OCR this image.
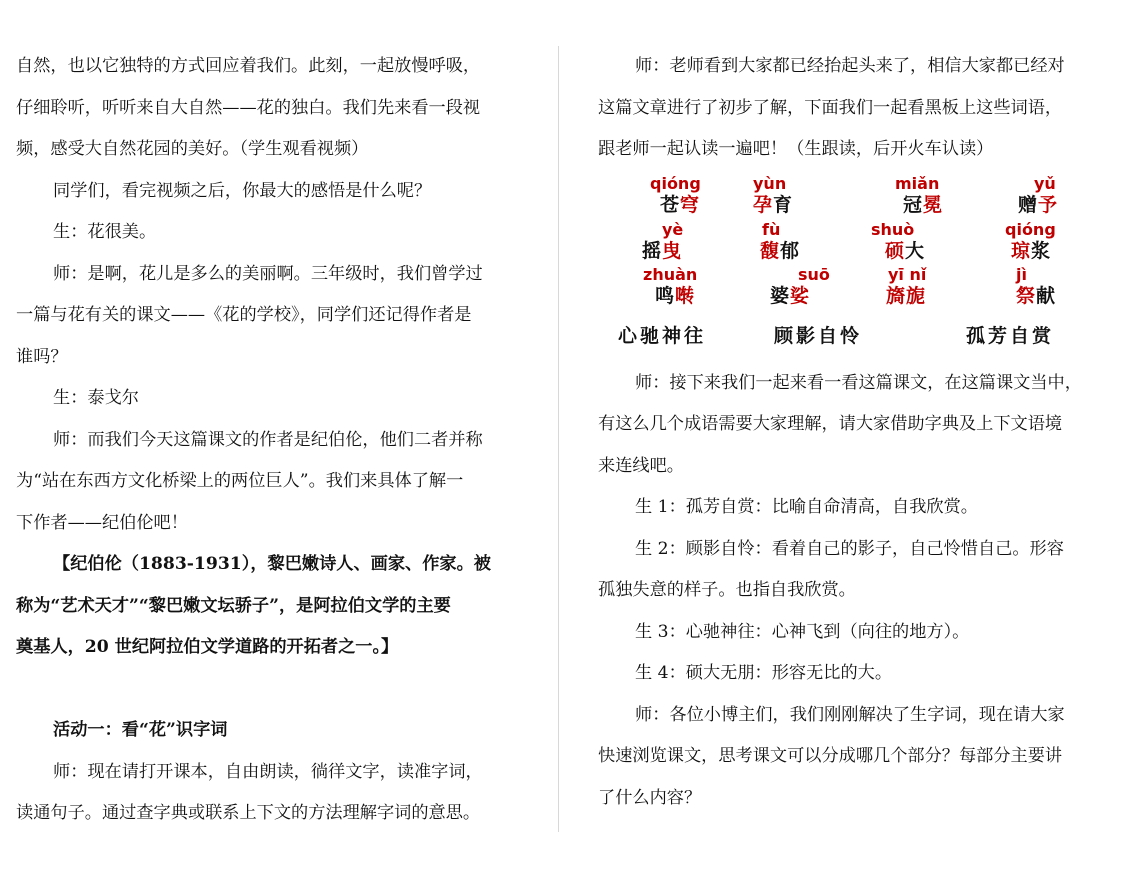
自然，也以它独特的方式回应着我们。此刻，一起放慢呼吸，

仔细聆听，听听来自大自然——花的独白。我们先来看一段视

频，感受大自然花园的美好。（学生观看视频）

同学们，看完视频之后，你最大的感悟是什么呢？

生：花很美。

师：是啊，花儿是多么的美丽啊。三年级时，我们曾学过

一篇与花有关的课文——《花的学校》，同学们还记得作者是

谁吗？

生：泰戈尔

师：而我们今天这篇课文的作者是纪伯伦，他们二者并称

为“站在东西方文化桥梁上的两位巨人”。我们来具体了解一

下作者——纪伯伦吧！

【纪伯伦（1883-1931），黎巴嫩诗人、画家、作家。被

称为“艺术天才”“黎巴嫩文坛骄子”，是阿拉伯文学的主要

奠基人，20 世纪阿拉伯文学道路的开拓者之一。】

活动一：看“花”识字词

师：现在请打开课本，自由朗读，徜徉文字，读准字词，

读通句子。通过查字典或联系上下文的方法理解字词的意思。

师：老师看到大家都已经抬起头来了，相信大家都已经对

这篇文章进行了初步了解，下面我们一起看黑板上这些词语，

跟老师一起认读一遍吧！（生跟读，后开火车认读）

qióng
苍穹
yùn
孕育
miǎn
冠冕
yǔ
赠予
yè
摇曳
fù
馥郁
shuò
硕大
qióng
琼浆
zhuàn
鸣啭
suō
婆娑
yī nǐ
旖旎
jì
祭献
心驰神往	顾影自怜	孤芳自赏

师：接下来我们一起来看一看这篇课文，在这篇课文当中，

有这么几个成语需要大家理解，请大家借助字典及上下文语境

来连线吧。

生 1：孤芳自赏：比喻自命清高，自我欣赏。

生 2：顾影自怜：看着自己的影子，自己怜惜自己。形容

孤独失意的样子。也指自我欣赏。

生 3：心驰神往：心神飞到（向往的地方）。

生 4：硕大无朋：形容无比的大。

师：各位小博主们，我们刚刚解决了生字词，现在请大家

快速浏览课文，思考课文可以分成哪几个部分？每部分主要讲

了什么内容？
